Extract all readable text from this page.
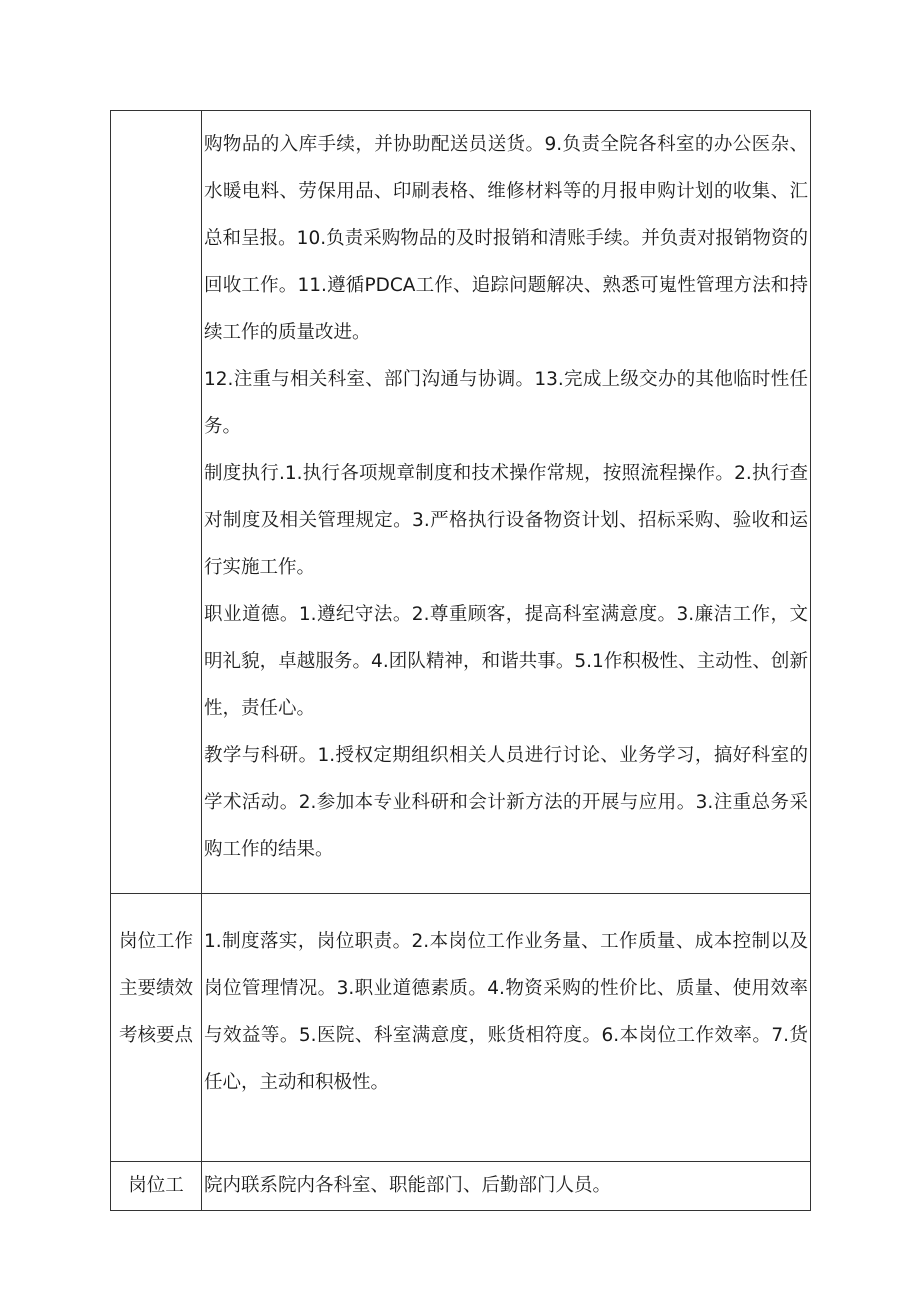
	购物品的入库手续，并协助配送员送货。9.负责全院各科室的办公医杂、水暖电料、劳保用品、印刷表格、维修材料等的月报申购计划的收集、汇总和呈报。10.负责采购物品的及时报销和清账手续。并负责对报销物资的回收工作。11.遵循PDCA工作、追踪问题解决、熟悉可嵬性管理方法和持续工作的质量改进。

12.注重与相关科室、部门沟通与协调。13.完成上级交办的其他临时性任务。

制度执行.1.执行各项规章制度和技术操作常规，按照流程操作。2.执行查对制度及相关管理规定。3.严格执行设备物资计划、招标采购、验收和运行实施工作。

职业道德。1.遵纪守法。2.尊重顾客，提高科室满意度。3.廉洁工作，文明礼貌，卓越服务。4.团队精神，和谐共事。5.1作积极性、主动性、创新性，责任心。

教学与科研。1.授权定期组织相关人员进行讨论、业务学习，搞好科室的学术活动。2.参加本专业科研和会计新方法的开展与应用。3.注重总务采购工作的结果。

岗位工作主要绩效考核要点	1.制度落实，岗位职责。2.本岗位工作业务量、工作质量、成本控制以及岗位管理情况。3.职业道德素质。4.物资采购的性价比、质量、使用效率与效益等。5.医院、科室满意度，账货相符度。6.本岗位工作效率。7.货任心，主动和积极性。

岗位工	院内联系院内各科室、职能部门、后勤部门人员。
